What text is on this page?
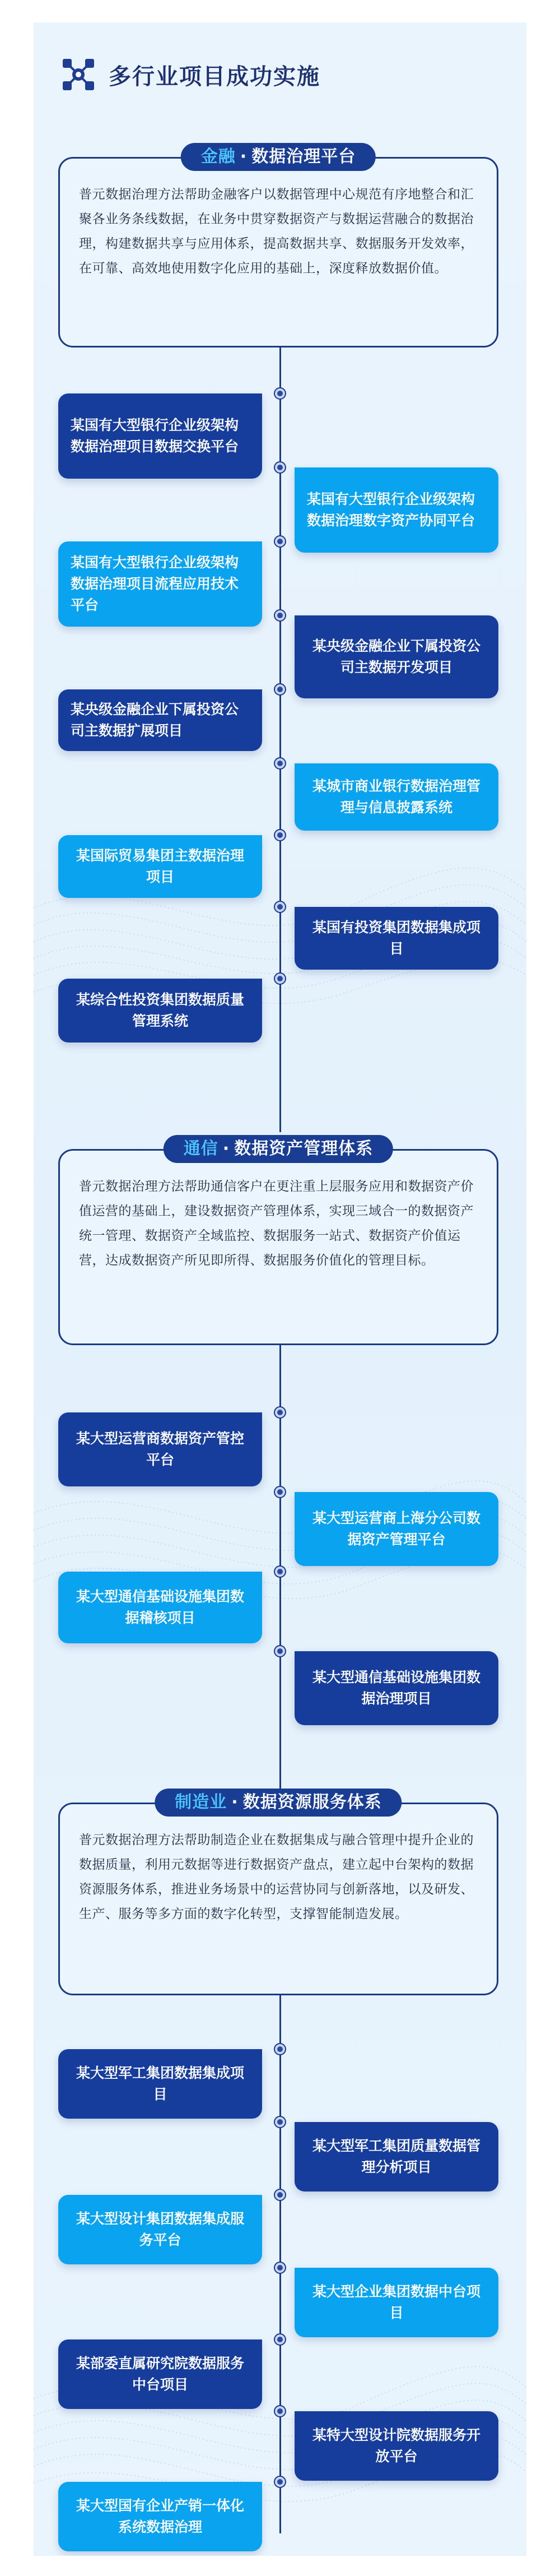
多行业项目成功实施
金融 · 数据治理平台
普元数据治理方法帮助金融客户以数据管理中心规范有序地整合和汇聚各业务条线数据，在业务中贯穿数据资产与数据运营融合的数据治理，构建数据共享与应用体系，提高数据共享、数据服务开发效率，在可靠、高效地使用数字化应用的基础上，深度释放数据价值。
某国有大型银行企业级架构数据治理项目数据交换平台
某国有大型银行企业级架构数据治理数字资产协同平台
某国有大型银行企业级架构数据治理项目流程应用技术平台
某央级金融企业下属投资公司主数据开发项目
某央级金融企业下属投资公司主数据扩展项目
某城市商业银行数据治理管理与信息披露系统
某国际贸易集团主数据治理项目
某国有投资集团数据集成项目
某综合性投资集团数据质量管理系统
通信 · 数据资产管理体系
普元数据治理方法帮助通信客户在更注重上层服务应用和数据资产价值运营的基础上，建设数据资产管理体系，实现三域合一的数据资产统一管理、数据资产全域监控、数据服务一站式、数据资产价值运营，达成数据资产所见即所得、数据服务价值化的管理目标。
某大型运营商数据资产管控平台
某大型运营商上海分公司数据资产管理平台
某大型通信基础设施集团数据稽核项目
某大型通信基础设施集团数据治理项目
制造业 · 数据资源服务体系
普元数据治理方法帮助制造企业在数据集成与融合管理中提升企业的数据质量，利用元数据等进行数据资产盘点，建立起中台架构的数据资源服务体系，推进业务场景中的运营协同与创新落地，以及研发、生产、服务等多方面的数字化转型，支撑智能制造发展。
某大型军工集团数据集成项目
某大型军工集团质量数据管理分析项目
某大型设计集团数据集成服务平台
某大型企业集团数据中台项目
某部委直属研究院数据服务中台项目
某特大型设计院数据服务开放平台
某大型国有企业产销一体化系统数据治理
